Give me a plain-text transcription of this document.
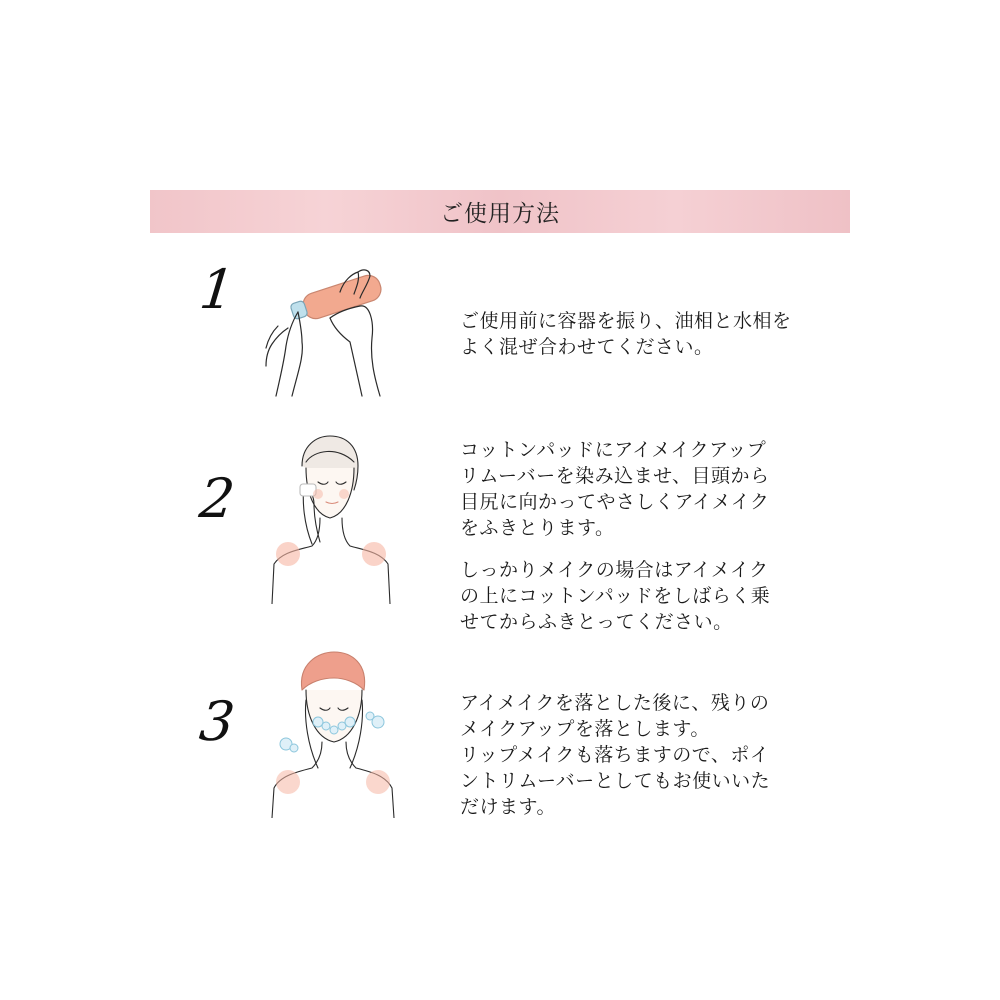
ご使用方法
1	ご使用前に容器を振り、油相と水相を
よく混ぜ合わせてください。

2

コットンパッドにアイメイクアップ
リムーバーを染み込ませ、目頭から
目尻に向かってやさしくアイメイク
をふきとります。

しっかりメイクの場合はアイメイク
の上にコットンパッドをしばらく乗
せてからふきとってください。

3	アイメイクを落とした後に、残りの
メイクアップを落とします。
リップメイクも落ちますので、ポイ
ントリムーバーとしてもお使いいた
だけます。
